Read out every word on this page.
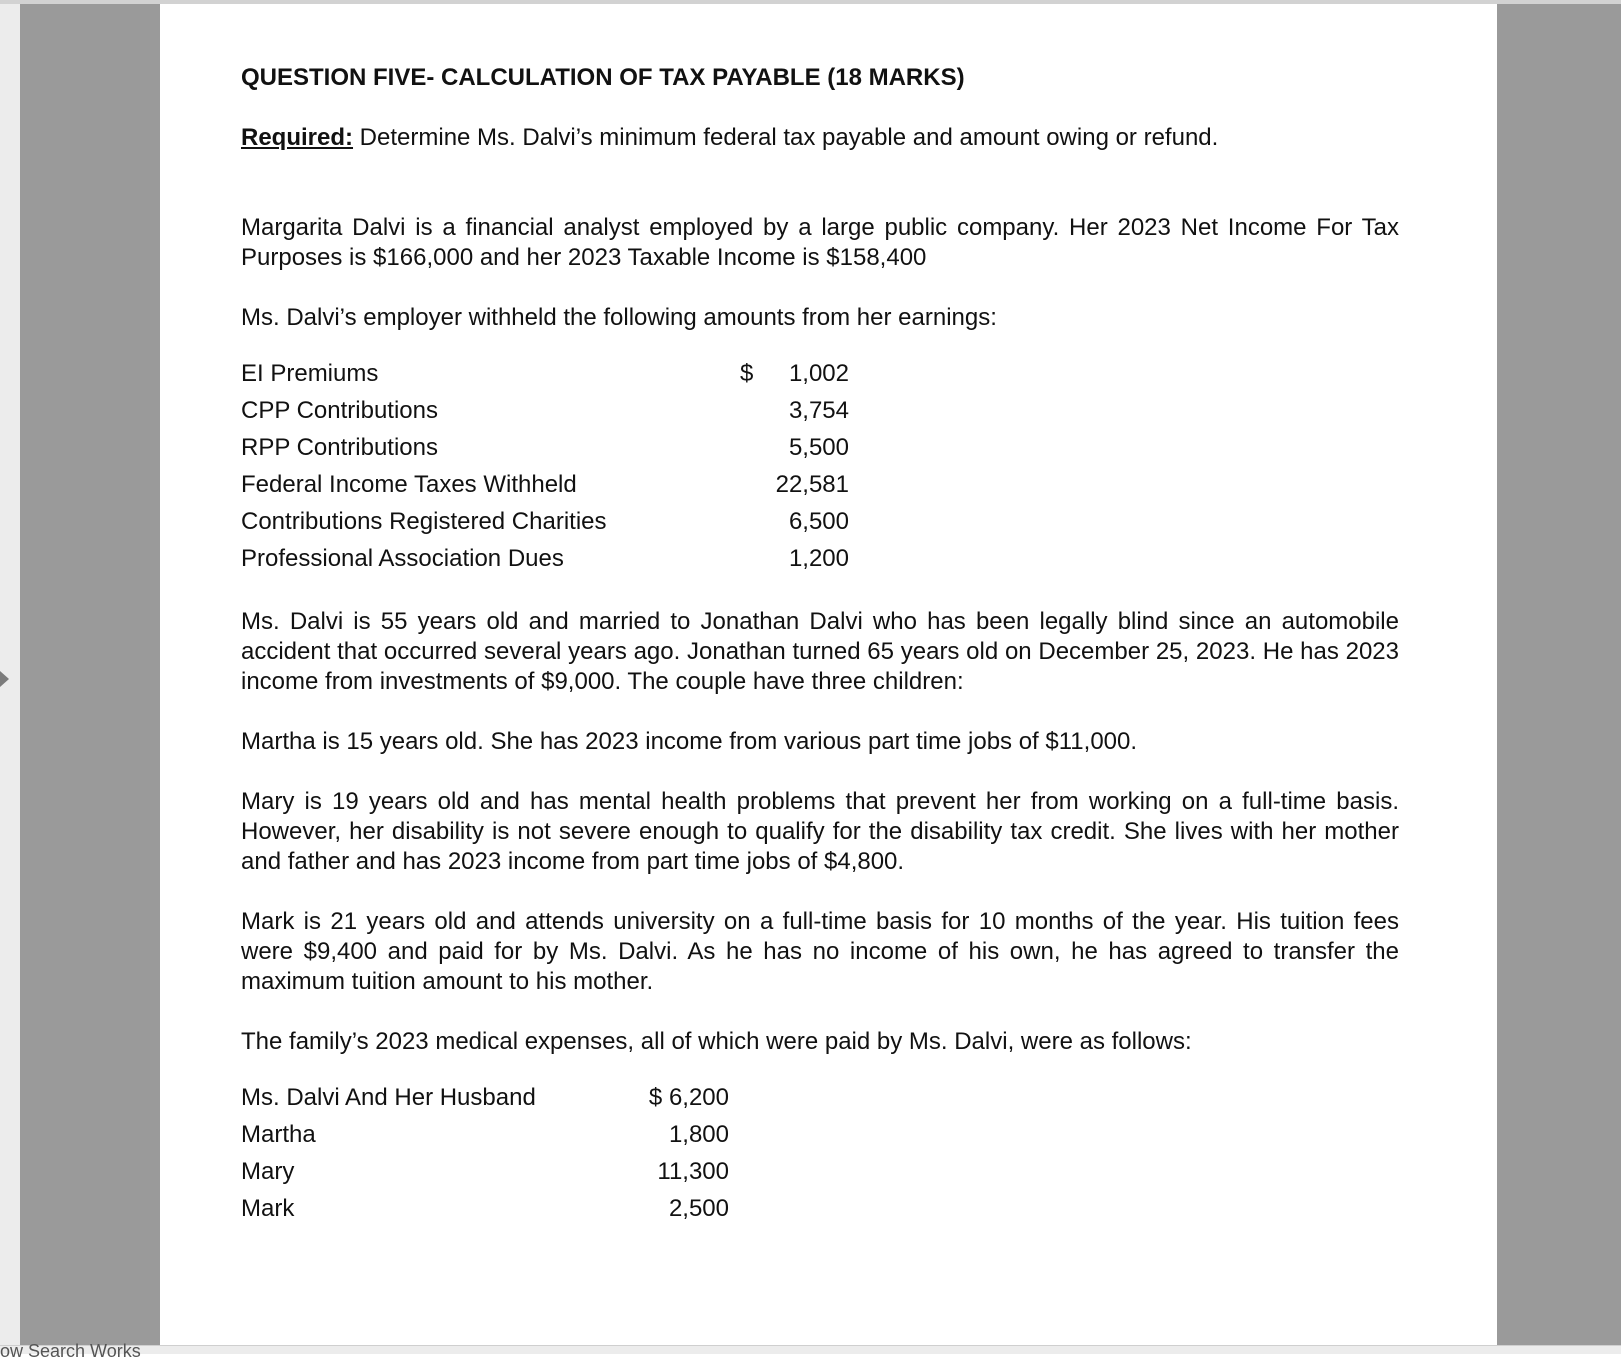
QUESTION FIVE- CALCULATION OF TAX PAYABLE (18 MARKS)
Required: Determine Ms. Dalvi’s minimum federal tax payable and amount owing or refund.

Margarita Dalvi is a financial analyst employed by a large public company. Her 2023 Net Income For Tax Purposes is $166,000 and her 2023 Taxable Income is $158,400

Ms. Dalvi’s employer withheld the following amounts from her earnings:

EI Premiums	$	1,002
CPP Contributions	3,754
RPP Contributions	5,500
Federal Income Taxes Withheld	22,581
Contributions Registered Charities	6,500
Professional Association Dues	1,200

Ms. Dalvi is 55 years old and married to Jonathan Dalvi who has been legally blind since an automobile accident that occurred several years ago. Jonathan turned 65 years old on December 25, 2023. He has 2023 income from investments of $9,000. The couple have three children:

Martha is 15 years old. She has 2023 income from various part time jobs of $11,000.

Mary is 19 years old and has mental health problems that prevent her from working on a full-time basis. However, her disability is not severe enough to qualify for the disability tax credit. She lives with her mother and father and has 2023 income from part time jobs of $4,800.

Mark is 21 years old and attends university on a full-time basis for 10 months of the year. His tuition fees were $9,400 and paid for by Ms. Dalvi. As he has no income of his own, he has agreed to transfer the maximum tuition amount to his mother.

The family’s 2023 medical expenses, all of which were paid by Ms. Dalvi, were as follows:

Ms. Dalvi And Her Husband	$ 6,200
Martha	1,800
Mary	11,300
Mark	2,500
ow Search Works
